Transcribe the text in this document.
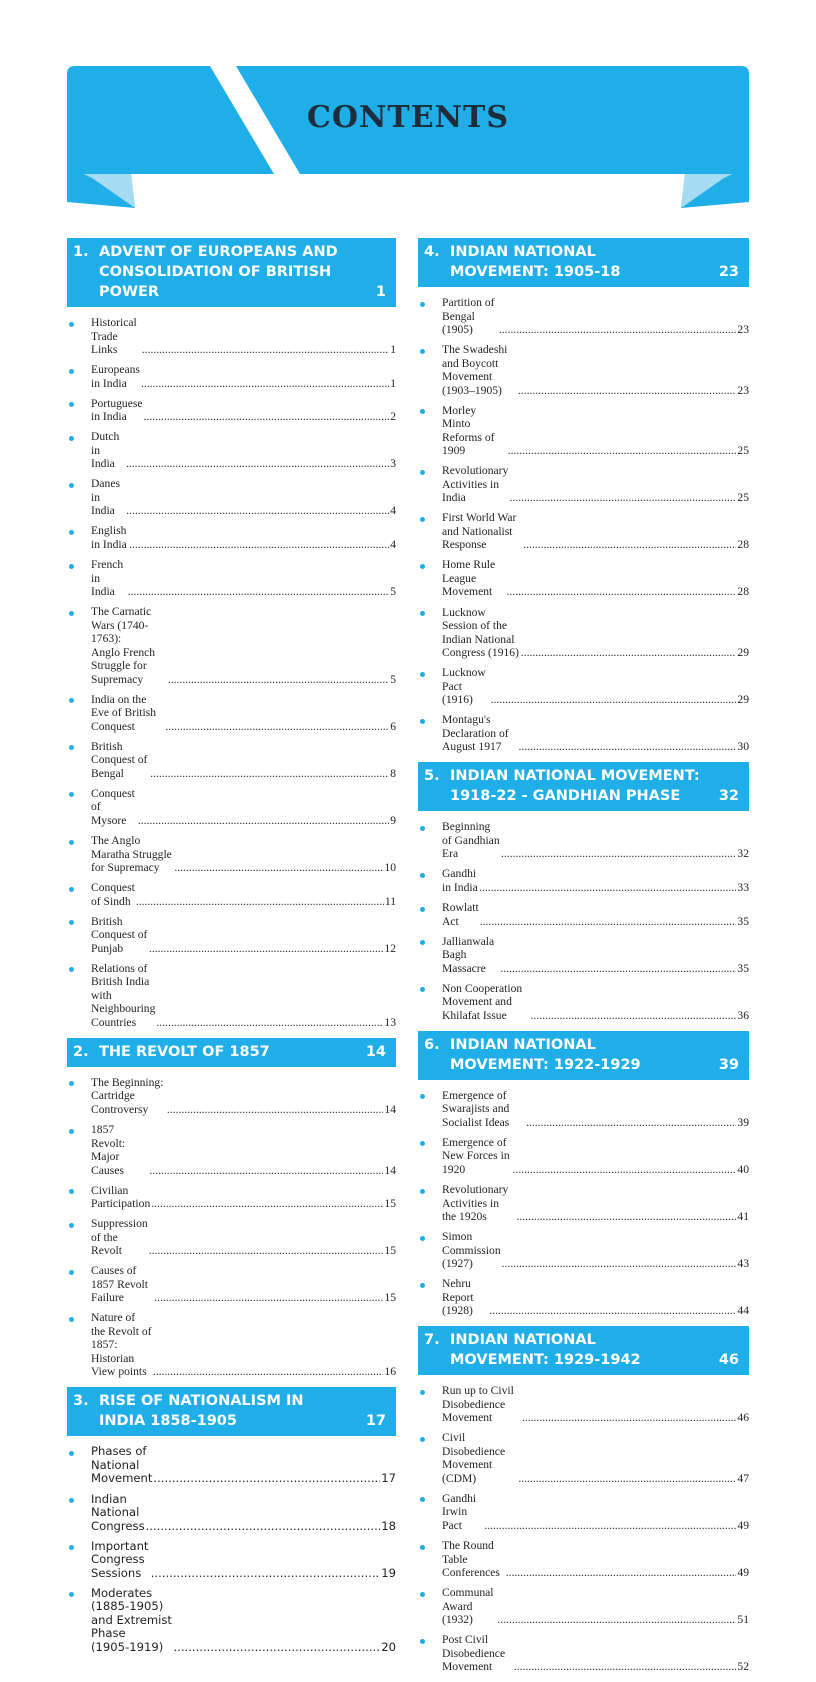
CONTENTS
1. ADVENT OF EUROPEANS AND CONSOLIDATION OF BRITISH POWER	1
Historical Trade Links .....	1
Europeans in India .....	1
Portuguese in India .....	2
Dutch in India .....	3
Danes in India .....	4
English in India .....	4
French in India .....	5
The Carnatic Wars (1740-1763):
Anglo French Struggle for Supremacy .....	5
India on the Eve of British Conquest .....	6
British Conquest of Bengal .....	8
Conquest of Mysore .....	9
The Anglo Maratha Struggle for Supremacy .....	10
Conquest of Sindh .....	11
British Conquest of Punjab .....	12
Relations of British India with
Neighbouring Countries .....	13
2. THE REVOLT OF 1857	14
The Beginning: Cartridge Controversy .....	14
1857 Revolt: Major Causes .....	14
Civilian Participation .....	15
Suppression of the Revolt .....	15
Causes of 1857 Revolt Failure .....	15
Nature of the Revolt of 1857:
Historian View points .....	16
3. RISE OF NATIONALISM IN INDIA 1858-1905	17
Phases of National Movement .....	17
Indian National Congress .....	18
Important Congress Sessions .....	19
Moderates (1885-1905) and Extremist Phase
(1905-1919) .....	20
4. INDIAN NATIONAL MOVEMENT: 1905-18	23
Partition of Bengal (1905) .....	23
The Swadeshi and Boycott Movement
(1903–1905) .....	23
Morley Minto Reforms of 1909 .....	25
Revolutionary Activities in India .....	25
First World War and Nationalist Response .....	28
Home Rule League Movement .....	28
Lucknow Session of the Indian National
Congress (1916) .....	29
Lucknow Pact (1916) .....	29
Montagu's Declaration of August 1917 .....	30
5. INDIAN NATIONAL MOVEMENT: 1918-22 - GANDHIAN PHASE	32
Beginning of Gandhian Era .....	32
Gandhi in India .....	33
Rowlatt Act .....	35
Jallianwala Bagh Massacre .....	35
Non Cooperation Movement and Khilafat Issue .....	36
6. INDIAN NATIONAL MOVEMENT: 1922-1929	39
Emergence of Swarajists and Socialist Ideas .....	39
Emergence of New Forces in 1920 .....	40
Revolutionary Activities in the 1920s .....	41
Simon Commission (1927) .....	43
Nehru Report (1928) .....	44
7. INDIAN NATIONAL MOVEMENT: 1929-1942	46
Run up to Civil Disobedience Movement .....	46
Civil Disobedience Movement (CDM) .....	47
Gandhi Irwin Pact .....	49
The Round Table Conferences .....	49
Communal Award (1932) .....	51
Post Civil Disobedience Movement .....	52
